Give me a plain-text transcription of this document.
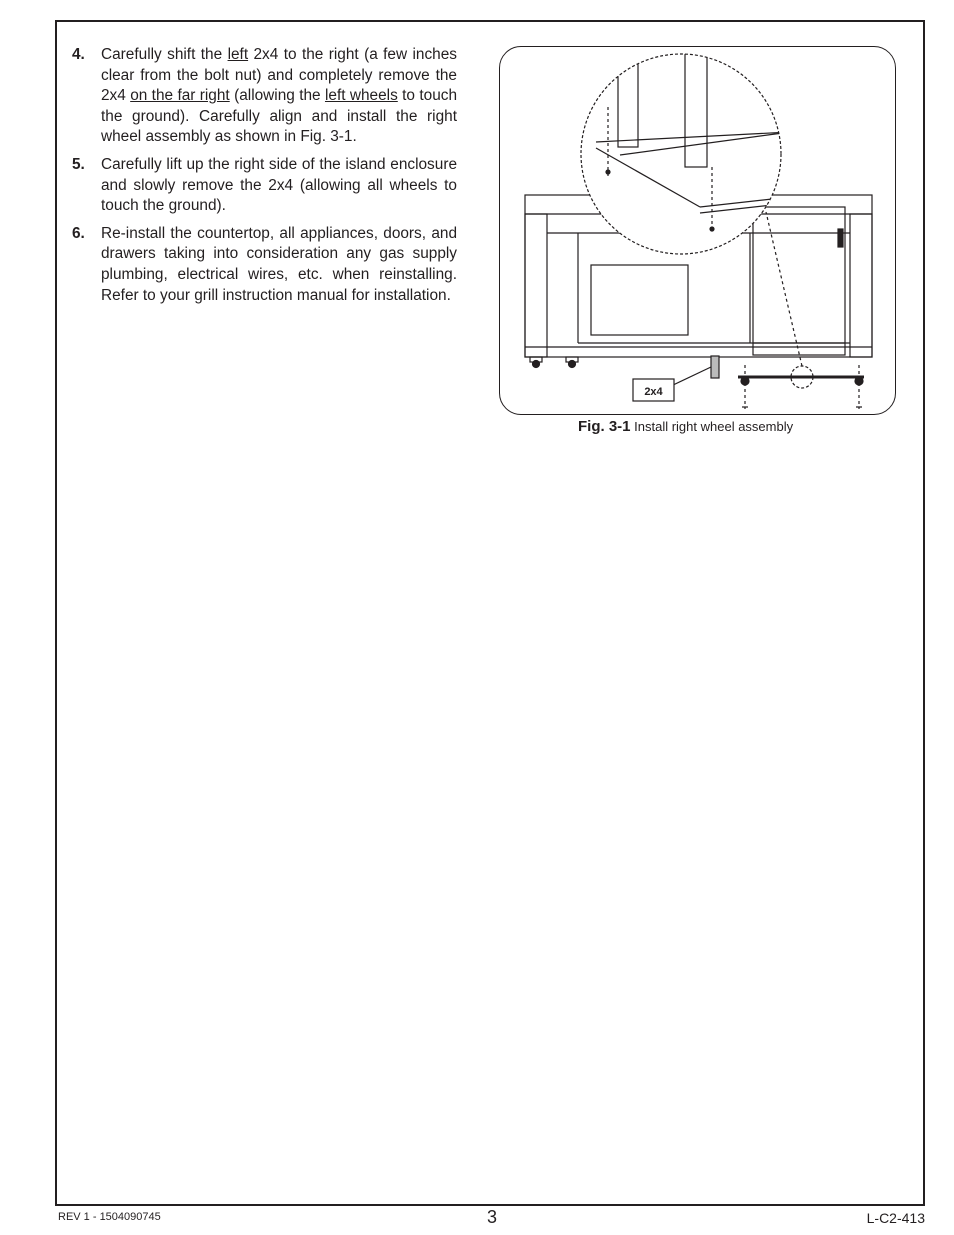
4. Carefully shift the left 2x4 to the right (a few inches clear from the bolt nut) and completely remove the 2x4 on the far right (allowing the left wheels to touch the ground). Carefully align and install the right wheel assembly as shown in Fig. 3-1.
5. Carefully lift up the right side of the island enclosure and slowly remove the 2x4 (allowing all wheels to touch the ground).
6. Re-install the countertop, all appliances, doors, and drawers taking into consideration any gas supply plumbing, electrical wires, etc. when reinstalling. Refer to your grill instruction manual for installation.
2x4
Fig. 3-1 Install right wheel assembly
REV 1 - 1504090745	3	L-C2-413
